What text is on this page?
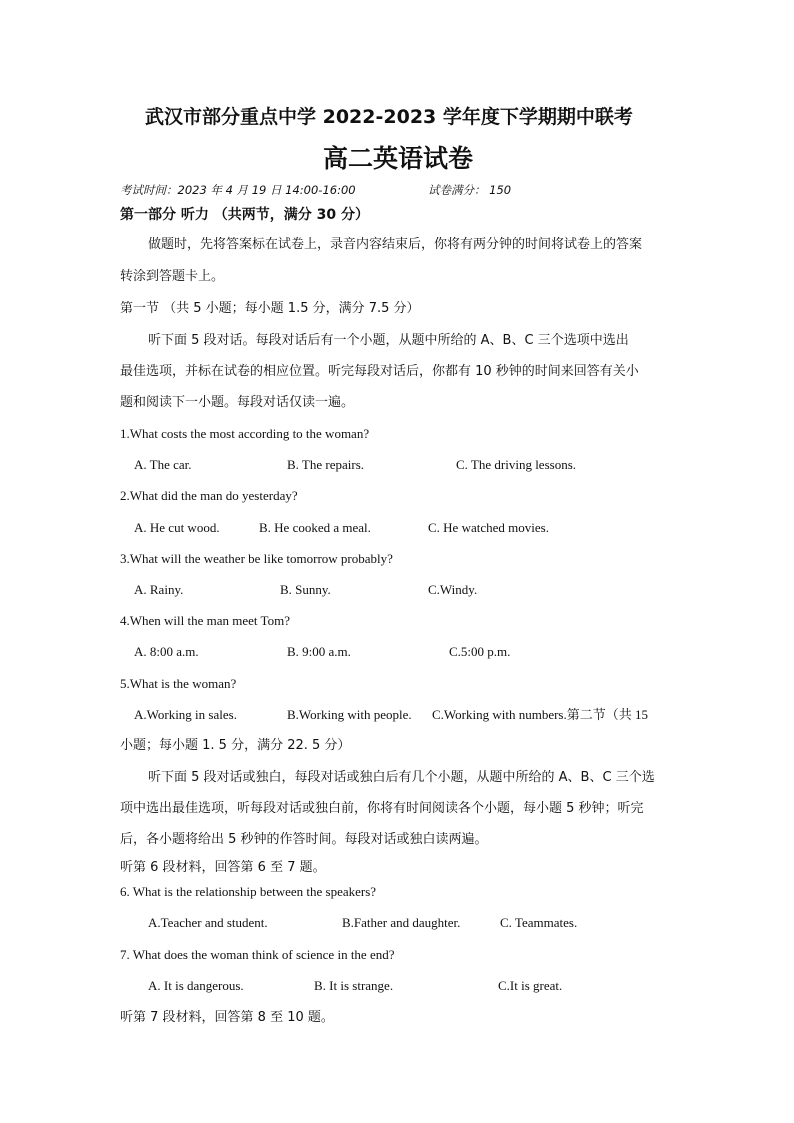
武汉市部分重点中学 2022-2023 学年度下学期期中联考
高二英语试卷
考试时间：2023 年 4 月 19 日 14:00-16:00	试卷满分： 150
第一部分 听力 （共两节，满分 30 分）
做题时，先将答案标在试卷上，录音内容结束后，你将有两分钟的时间将试卷上的答案
转涂到答题卡上。
第一节 （共 5 小题；每小题 1.5 分，满分 7.5 分）
听下面 5 段对话。每段对话后有一个小题，从题中所给的 A、B、C 三个选项中选出
最佳选项，并标在试卷的相应位置。听完每段对话后，你都有 10 秒钟的时间来回答有关小
题和阅读下一小题。每段对话仅读一遍。
1.What costs the most according to the woman?
A. The car.	B. The repairs.	C. The driving lessons.
2.What did the man do yesterday?
A. He cut wood.	B. He cooked a meal.	C. He watched movies.
3.What will the weather be like tomorrow probably?
A. Rainy.	B. Sunny.	C.Windy.
4.When will the man meet Tom?
A. 8:00 a.m.	B. 9:00 a.m.	C.5:00 p.m.
5.What is the woman?
A.Working in sales.	B.Working with people. C.Working with numbers.第二节（共 15
小题；每小题 1. 5 分，满分 22. 5 分）
听下面 5 段对话或独白，每段对话或独白后有几个小题，从题中所给的 A、B、C 三个选
项中选出最佳选项，听每段对话或独白前，你将有时间阅读各个小题，每小题 5 秒钟；听完
后，各小题将给出 5 秒钟的作答时间。每段对话或独白读两遍。
听第 6 段材料，回答第 6 至 7 题。
6. What is the relationship between the speakers?
A.Teacher and student.	B.Father and daughter.	C. Teammates.
7. What does the woman think of science in the end?
A. It is dangerous.	B. It is strange.	C.It is great.
听第 7 段材料，回答第 8 至 10 题。
